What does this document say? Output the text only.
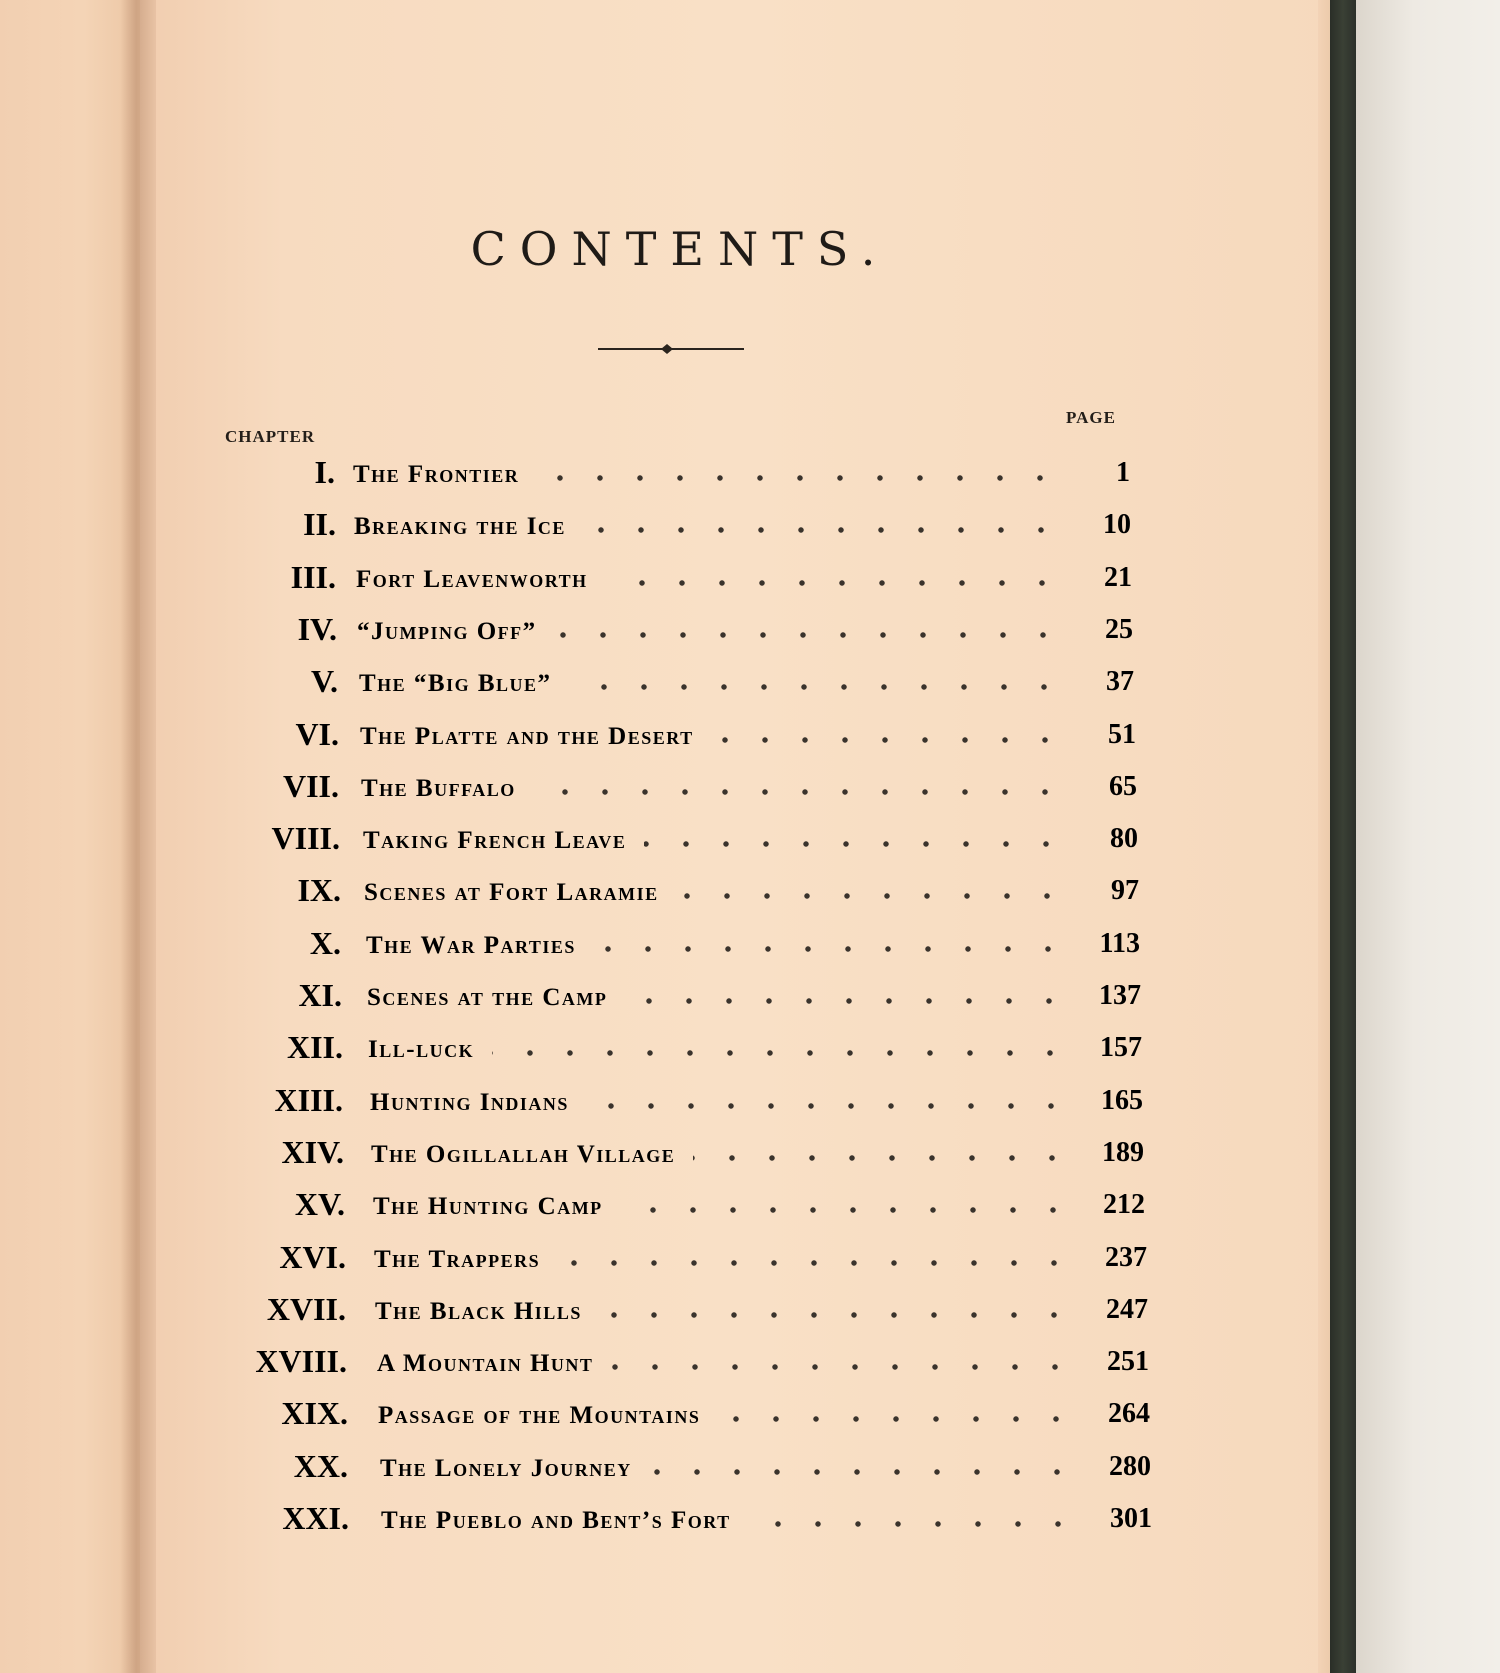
CONTENTS.
CHAPTER
PAGE
I. The Frontier	1
II. Breaking the Ice	10
III. Fort Leavenworth	21
IV. “Jumping Off”	25
V. The “Big Blue”	37
VI. The Platte and the Desert	51
VII. The Buffalo	65
VIII. Taking French Leave	80
IX. Scenes at Fort Laramie	97
X. The War Parties	113
XI. Scenes at the Camp	137
XII. Ill-luck	157
XIII. Hunting Indians	165
XIV. The Ogillallah Village	189
XV. The Hunting Camp	212
XVI. The Trappers	237
XVII. The Black Hills	247
XVIII. A Mountain Hunt	251
XIX. Passage of the Mountains	264
XX. The Lonely Journey	280
XXI. The Pueblo and Bent’s Fort	301
